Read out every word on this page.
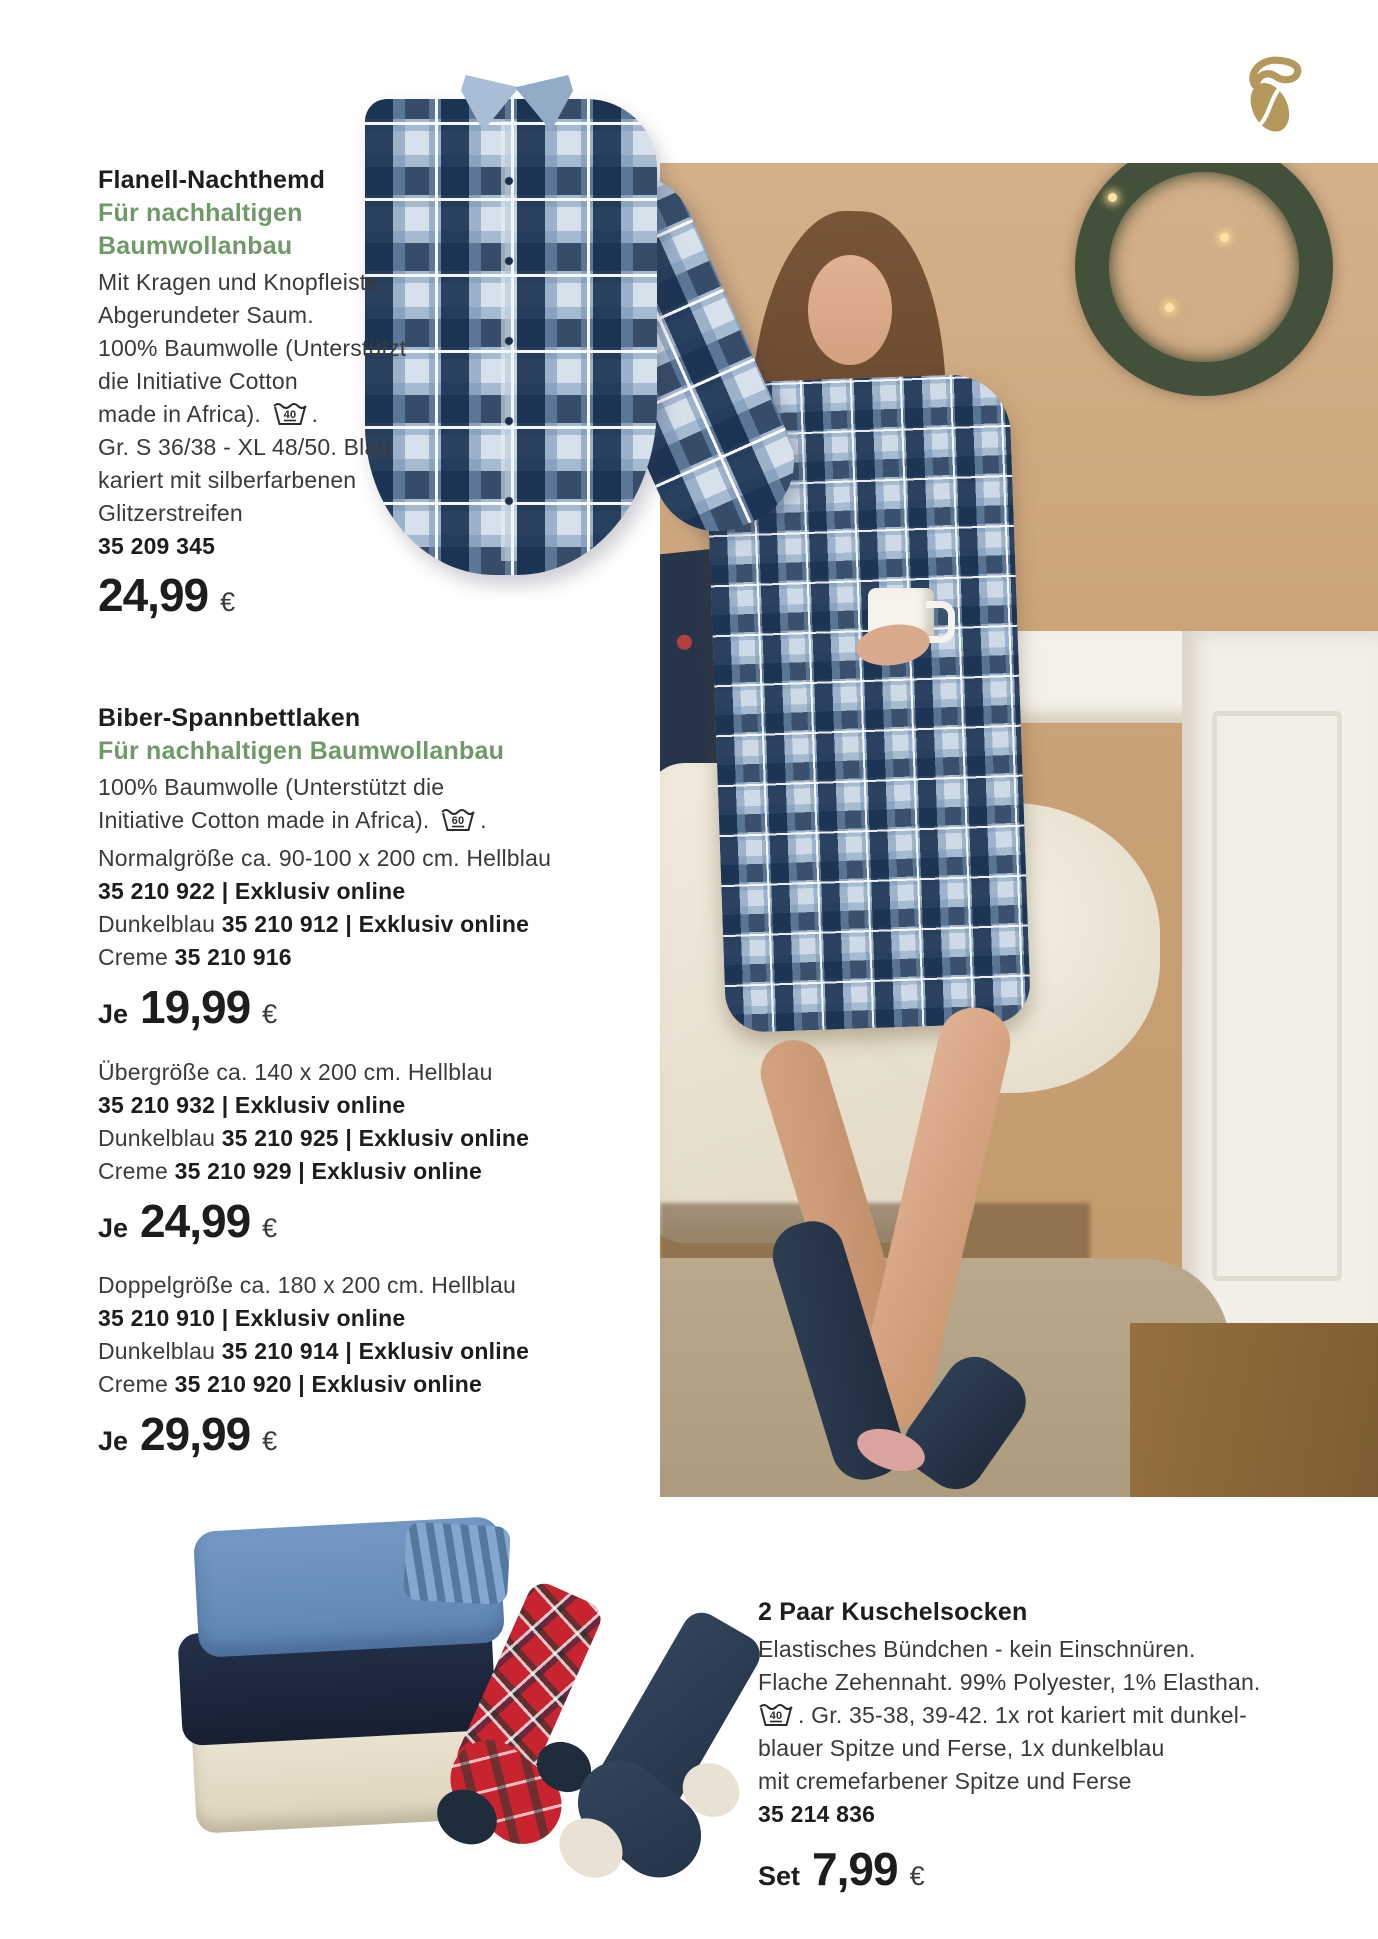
Flanell-Nachthemd
Für nachhaltigen
Baumwollanbau
Mit Kragen und Knopfleiste.
Abgerundeter Saum.
100% Baumwolle (Unterstützt
die Initiative Cotton
made in Africa). 40 .
Gr. S 36/38 - XL 48/50. Blau
kariert mit silberfarbenen
Glitzerstreifen
35 209 345
24,99 €
Biber-Spannbettlaken
Für nachhaltigen Baumwollanbau
100% Baumwolle (Unterstützt die
Initiative Cotton made in Africa). 60 .
Normalgröße ca. 90-100 x 200 cm. Hellblau
35 210 922 | Exklusiv online
Dunkelblau 35 210 912 | Exklusiv online
Creme 35 210 916
Je 19,99 €
Übergröße ca. 140 x 200 cm. Hellblau
35 210 932 | Exklusiv online
Dunkelblau 35 210 925 | Exklusiv online
Creme 35 210 929 | Exklusiv online
Je 24,99 €
Doppelgröße ca. 180 x 200 cm. Hellblau
35 210 910 | Exklusiv online
Dunkelblau 35 210 914 | Exklusiv online
Creme 35 210 920 | Exklusiv online
Je 29,99 €
2 Paar Kuschelsocken
Elastisches Bündchen - kein Einschnüren.
Flache Zehennaht. 99% Polyester, 1% Elasthan.
40 . Gr. 35-38, 39-42. 1x rot kariert mit dunkel-
blauer Spitze und Ferse, 1x dunkelblau
mit cremefarbener Spitze und Ferse
35 214 836
Set 7,99 €
